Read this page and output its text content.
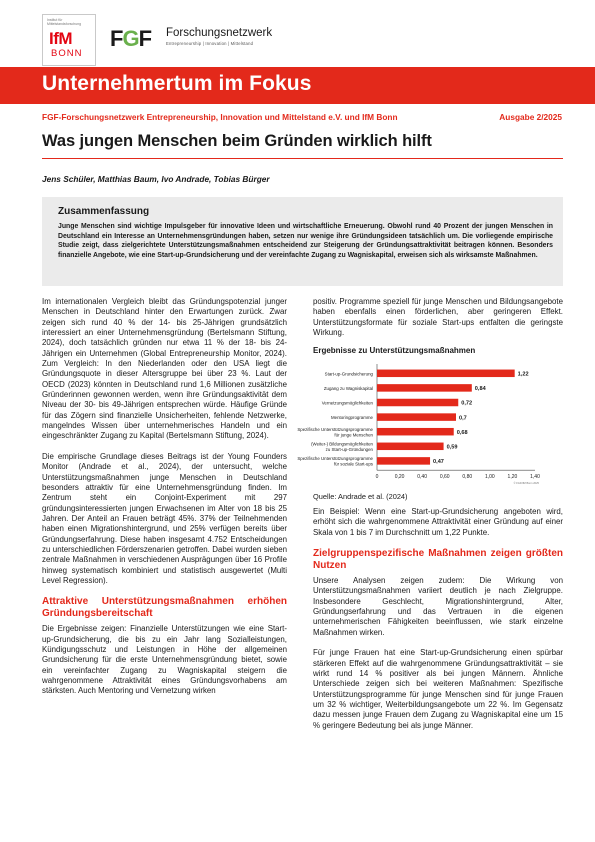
Institut für Mittelstandsforschung
IfM
BONN
FGF Forschungsnetzwerk
Entrepreneurship | Innovation | Mittelstand
Unternehmertum im Fokus
FGF-Forschungsnetzwerk Entrepreneurship, Innovation und Mittelstand e.V. und IfM Bonn	Ausgabe 2/2025
Was jungen Menschen beim Gründen wirklich hilft
Jens Schüler, Matthias Baum, Ivo Andrade, Tobias Bürger
Zusammenfassung
Junge Menschen sind wichtige Impulsgeber für innovative Ideen und wirtschaftliche Erneuerung. Obwohl rund 40 Prozent der jungen Menschen in Deutschland ein Interesse an Unternehmensgründungen haben, setzen nur wenige ihre Gründungsideen tatsächlich um. Die vorliegende empirische Studie zeigt, dass zielgerichtete Unterstützungsmaßnahmen entscheidend zur Steigerung der Gründungsattraktivität beitragen können. Besonders finanzielle Angebote, wie eine Start-up-Grundsicherung und der vereinfachte Zugang zu Wagniskapital, erweisen sich als wirksamste Maßnahmen.

Im internationalen Vergleich bleibt das Gründungspotenzial junger Menschen in Deutschland hinter den Erwartungen zurück. Zwar zeigen sich rund 40 % der 14- bis 25-Jährigen grundsätzlich interessiert an einer Unternehmensgründung (Bertelsmann Stiftung, 2024), doch tatsächlich gründen nur etwa 11 % der 18- bis 24-Jährigen ein Unternehmen (Global Entrepreneurship Monitor, 2024). Zum Vergleich: In den Niederlanden oder den USA liegt die Gründungsquote in dieser Altersgruppe bei über 23 %. Laut der OECD (2023) könnten in Deutschland rund 1,6 Millionen zusätzliche Gründerinnen gewonnen werden, wenn ihre Gründungsaktivität dem Niveau der 30- bis 49-Jährigen entsprechen würde. Häufige Gründe für das Zögern sind finanzielle Unsicherheiten, fehlende Netzwerke, mangelndes Wissen über unternehmerisches Handeln und ein eingeschränkter Zugang zu Kapital (Bertelsmann Stiftung, 2024).

Die empirische Grundlage dieses Beitrags ist der Young Founders Monitor (Andrade et al., 2024), der untersucht, welche Unterstützungsmaßnahmen junge Menschen in Deutschland besonders attraktiv für eine Unternehmensgründung finden. Im Zentrum steht ein Conjoint-Experiment mit 297 gründungsinteressierten jungen Erwachsenen im Alter von 18 bis 25 Jahren. Der Anteil an Frauen beträgt 45%. 37% der Teilnehmenden haben einen Migrationshintergrund, und 25% verfügen bereits über Gründungserfahrung. Diese haben insgesamt 4.752 Entscheidungen zu unterschiedlichen Förderszenarien getroffen. Dabei wurden sieben zentrale Maßnahmen in verschiedenen Ausprägungen über 16 Profile hinweg systematisch kombiniert und statistisch ausgewertet (Multi Level Regression).

Attraktive Unterstützungsmaßnahmen erhöhen Gründungsbereitschaft

Die Ergebnisse zeigen: Finanzielle Unterstützungen wie eine Start-up-Grundsicherung, die bis zu ein Jahr lang Sozialleistungen, Kündigungsschutz und Leistungen in Höhe der allgemeinen Grundsicherung für die erste Unternehmensgründung bietet, sowie ein vereinfachter Zugang zu Wagniskapital steigern die wahrgenommene Attraktivität eines Gründungsvorhabens am stärksten. Auch Mentoring und Vernetzung wirken

positiv. Programme speziell für junge Menschen und Bildungsangebote haben ebenfalls einen förderlichen, aber geringeren Effekt. Unterstützungsformate für soziale Start-ups entfalten die geringste Wirkung.

Ergebnisse zu Unterstützungsmaßnahmen
1,22
Start-up-Grundsicherung
0,84
Zugang zu Wagniskapital
0,72
Vernetzungsmöglichkeiten
0,7
Mentoringprogramme
0,68
Spezifische Unterstützungsprogramme
für junge Menschen
0,59
(Weiter-) Bildungsmöglichkeiten
zu Start-up-Gründungen
0,47
Spezifische Unterstützungsprogramme
für soziale Start-ups
0	0,20	0,40	0,60	0,80	1,00	1,20	1,40
© FGF/IfM Bonn 2025
Quelle: Andrade et al. (2024)

Ein Beispiel: Wenn eine Start-up-Grundsicherung angeboten wird, erhöht sich die wahrgenommene Attraktivität einer Gründung auf einer Skala von 1 bis 7 im Durchschnitt um 1,22 Punkte.

Zielgruppenspezifische Maßnahmen zeigen größten Nutzen

Unsere Analysen zeigen zudem: Die Wirkung von Unterstützungsmaßnahmen variiert deutlich je nach Zielgruppe. Insbesondere Geschlecht, Migrationshintergrund, Alter, Gründungserfahrung und das Vertrauen in die eigenen unternehmerischen Fähigkeiten beeinflussen, wie stark einzelne Maßnahmen wirken.

Für junge Frauen hat eine Start-up-Grundsicherung einen spürbar stärkeren Effekt auf die wahrgenommene Gründungsattraktivität – sie wirkt rund 14 % positiver als bei jungen Männern. Ähnliche Unterschiede zeigen sich bei weiteren Maßnahmen: Spezifische Unterstützungsprogramme für junge Menschen sind für junge Frauen um 32 % wichtiger, Weiterbildungsangebote um 22 %. Im Gegensatz dazu messen junge Frauen dem Zugang zu Wagniskapital eine um 15 % geringere Bedeutung bei als junge Männer.
